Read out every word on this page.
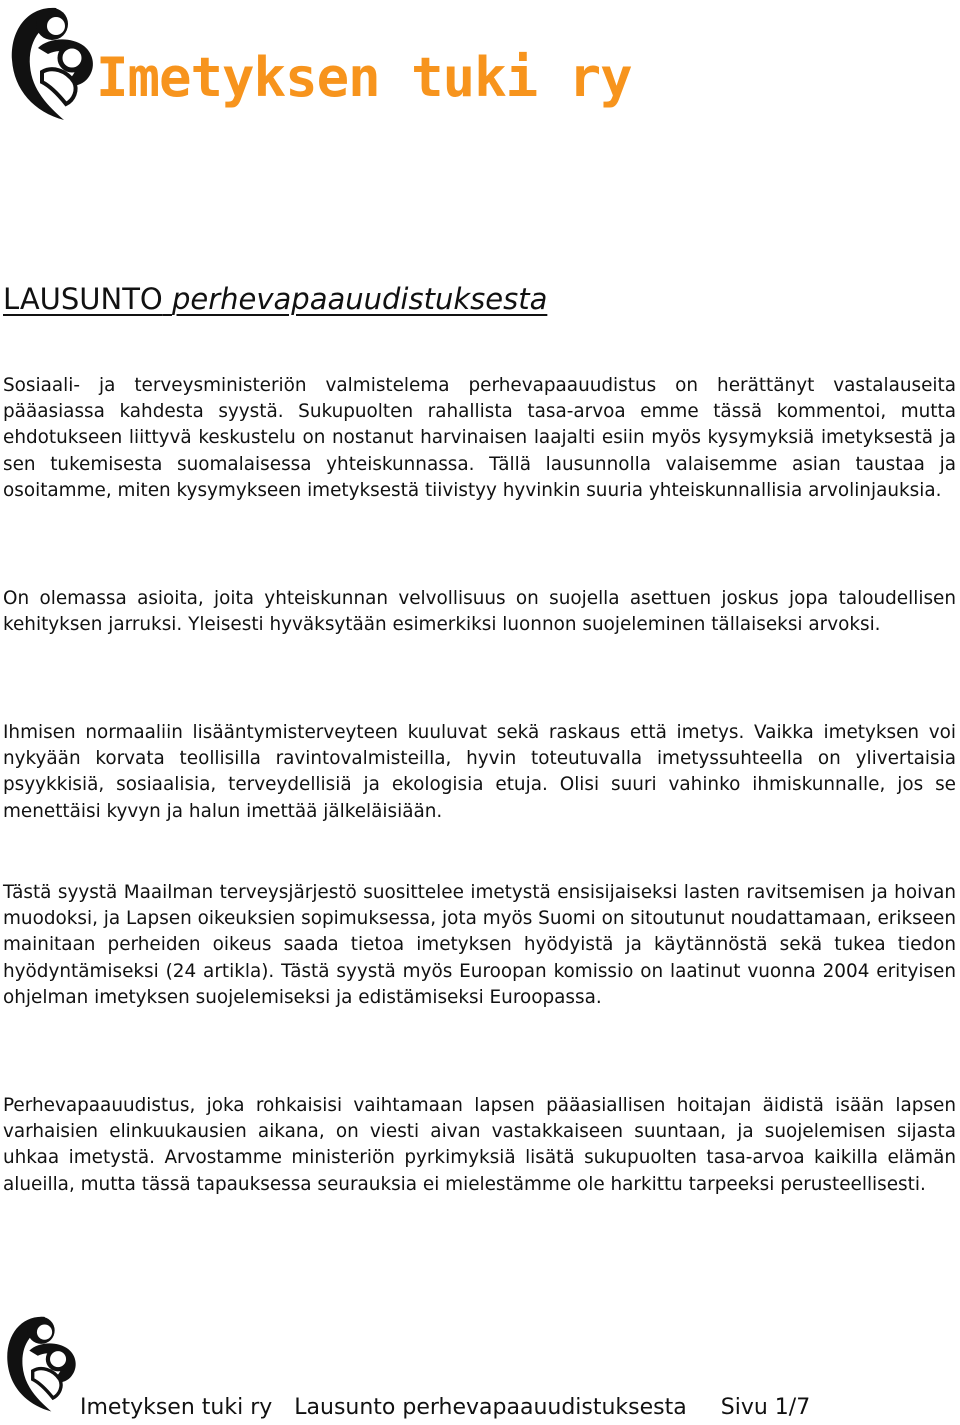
Imetyksen tuki ry
LAUSUNTO perhevapaauudistuksesta

Sosiaali- ja terveysministeriön valmistelema perhevapaauudistus on herättänyt vastalauseita pääasiassa kahdesta syystä. Sukupuolten rahallista tasa-arvoa emme tässä kommentoi, mutta ehdotukseen liittyvä keskustelu on nostanut harvinaisen laajalti esiin myös kysymyksiä imetyksestä ja sen tukemisesta suomalaisessa yhteiskunnassa. Tällä lausunnolla valaisemme asian taustaa ja osoitamme, miten kysymykseen imetyksestä tiivistyy hyvinkin suuria yhteiskunnallisia arvolinjauksia.

On olemassa asioita, joita yhteiskunnan velvollisuus on suojella asettuen joskus jopa taloudellisen kehityksen jarruksi. Yleisesti hyväksytään esimerkiksi luonnon suojeleminen tällaiseksi arvoksi.

Ihmisen normaaliin lisääntymisterveyteen kuuluvat sekä raskaus että imetys. Vaikka imetyksen voi nykyään korvata teollisilla ravintovalmisteilla, hyvin toteutuvalla imetyssuhteella on ylivertaisia psyykkisiä, sosiaalisia, terveydellisiä ja ekologisia etuja. Olisi suuri vahinko ihmiskunnalle, jos se menettäisi kyvyn ja halun imettää jälkeläisiään.

Tästä syystä Maailman terveysjärjestö suosittelee imetystä ensisijaiseksi lasten ravitsemisen ja hoivan muodoksi, ja Lapsen oikeuksien sopimuksessa, jota myös Suomi on sitoutunut noudattamaan, erikseen mainitaan perheiden oikeus saada tietoa imetyksen hyödyistä ja käytännöstä sekä tukea tiedon hyödyntämiseksi (24 artikla). Tästä syystä myös Euroopan komissio on laatinut vuonna 2004 erityisen ohjelman imetyksen suojelemiseksi ja edistämiseksi Euroopassa.

Perhevapaauudistus, joka rohkaisisi vaihtamaan lapsen pääasiallisen hoitajan äidistä isään lapsen varhaisien elinkuukausien aikana, on viesti aivan vastakkaiseen suuntaan, ja suojelemisen sijasta uhkaa imetystä. Arvostamme ministeriön pyrkimyksiä lisätä sukupuolten tasa-arvoa kaikilla elämän alueilla, mutta tässä tapauksessa seurauksia ei mielestämme ole harkittu tarpeeksi perusteellisesti.

Imetyksen tuki ry Lausunto perhevapaauudistuksesta Sivu 1/7
